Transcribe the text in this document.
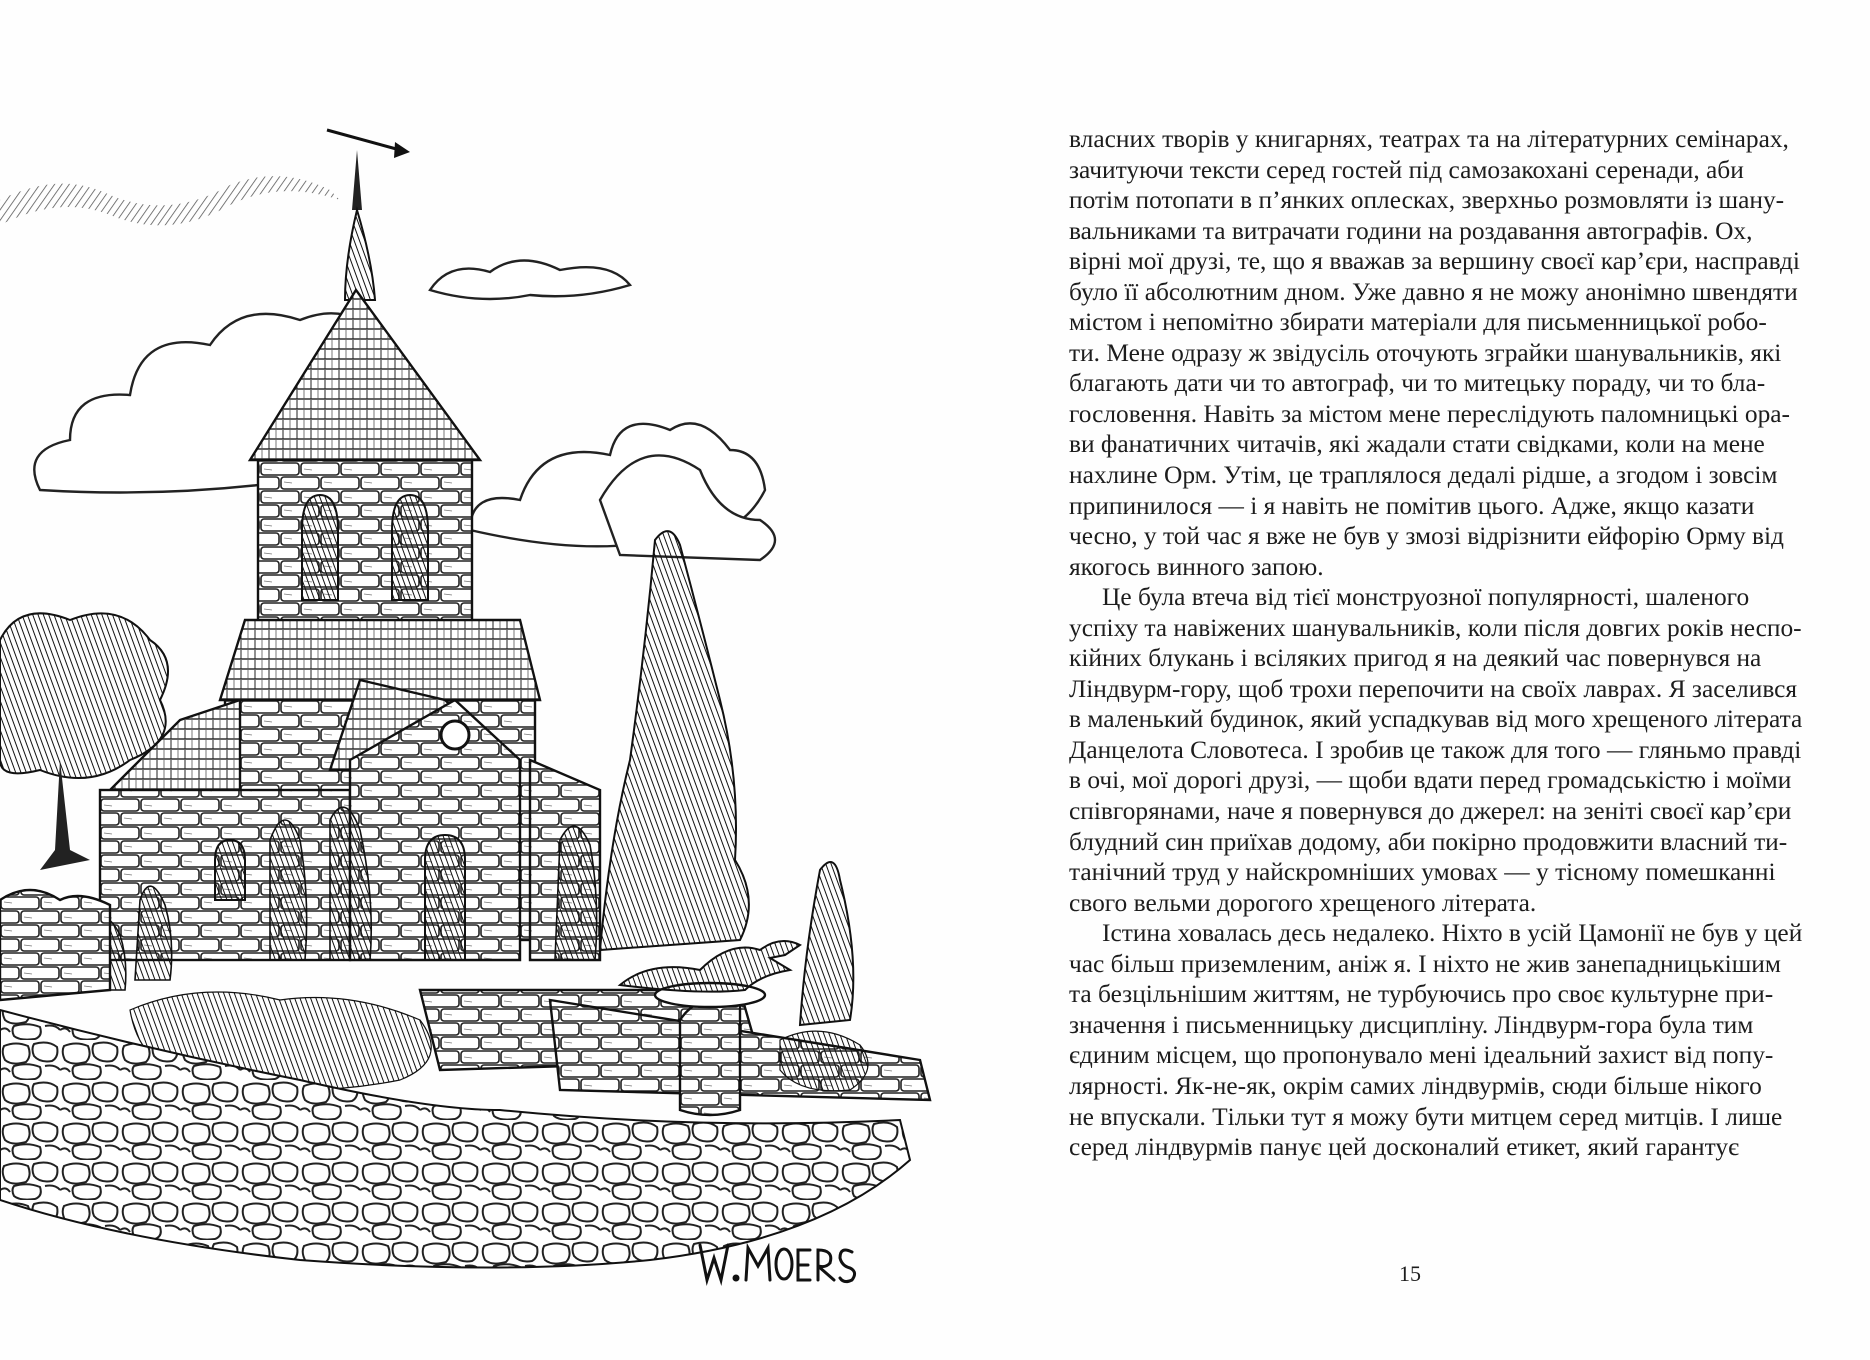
власних творів у книгарнях, театрах та на літературних семінарах,
зачитуючи тексти серед гостей під самозакохані серенади, аби
потім потопати в п’янких оплесках, зверхньо розмовляти із шану-
вальниками та витрачати години на роздавання автографів. Ох,
вірні мої друзі, те, що я вважав за вершину своєї кар’єри, насправді
було її абсолютним дном. Уже давно я не можу анонімно швендяти
містом і непомітно збирати матеріали для письменницької робо-
ти. Мене одразу ж звідусіль оточують зграйки шанувальників, які
благають дати чи то автограф, чи то митецьку пораду, чи то бла-
гословення. Навіть за містом мене переслідують паломницькі ора-
ви фанатичних читачів, які жадали стати свідками, коли на мене
нахлине Орм. Утім, це траплялося дедалі рідше, а згодом і зовсім
припинилося — і я навіть не помітив цього. Адже, якщо казати
чесно, у той час я вже не був у змозі відрізнити ейфорію Орму від
якогось винного запою.
Це була втеча від тієї монструозної популярності, шаленого
успіху та навіжених шанувальників, коли після довгих років неспо-
кійних блукань і всіляких пригод я на деякий час повернувся на
Ліндвурм-гору, щоб трохи перепочити на своїх лаврах. Я заселився
в маленький будинок, який успадкував від мого хрещеного літерата
Данцелота Словотеса. І зробив це також для того — гляньмо правді
в очі, мої дорогі друзі, — щоби вдати перед громадськістю і моїми
співгорянами, наче я повернувся до джерел: на зеніті своєї кар’єри
блудний син приїхав додому, аби покірно продовжити власний ти-
танічний труд у найскромніших умовах — у тісному помешканні
свого вельми дорогого хрещеного літерата.
Істина ховалась десь недалеко. Ніхто в усій Цамонії не був у цей
час більш приземленим, аніж я. І ніхто не жив занепадницькішим
та безцільнішим життям, не турбуючись про своє культурне при-
значення і письменницьку дисципліну. Ліндвурм-гора була тим
єдиним місцем, що пропонувало мені ідеальний захист від попу-
лярності. Як-не-як, окрім самих ліндвурмів, сюди більше нікого
не впускали. Тільки тут я можу бути митцем серед митців. І лише
серед ліндвурмів панує цей досконалий етикет, який гарантує
15
